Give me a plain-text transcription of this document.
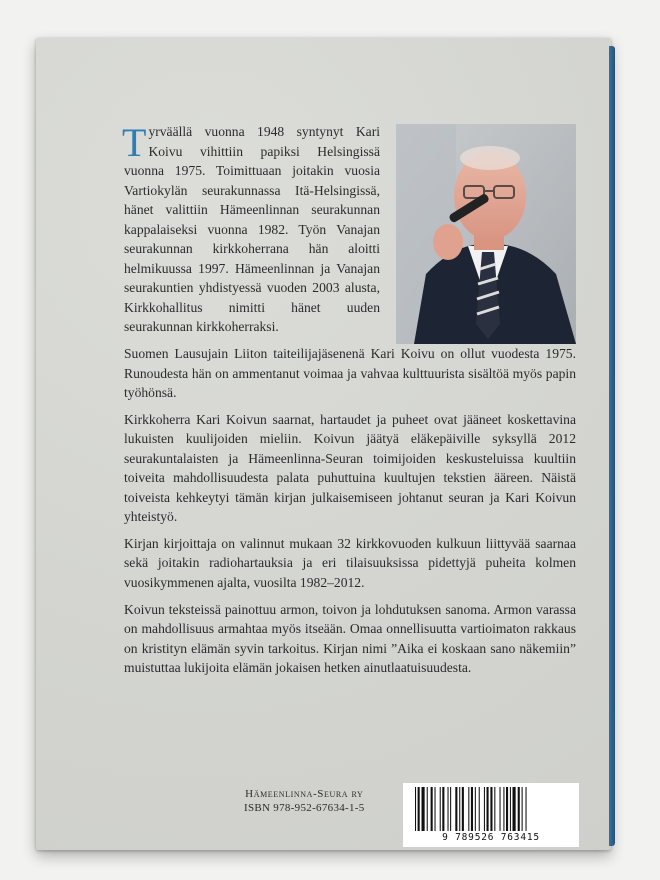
Tyrväällä vuonna 1948 syntynyt Kari Koivu vihittiin papiksi Helsingissä vuonna 1975. Toimittuaan joitakin vuosia Vartiokylän seurakunnassa Itä-Helsingissä, hänet valittiin Hämeenlinnan seurakunnan kappalaiseksi vuonna 1982. Työn Vanajan seurakunnan kirkkoherrana hän aloitti helmikuussa 1997. Hämeenlinnan ja Vanajan seurakuntien yhdistyessä vuoden 2003 alusta, Kirkkohallitus nimitti hänet uuden seurakunnan kirkkoherraksi.

Suomen Lausujain Liiton taiteilijajäsenenä Kari Koivu on ollut vuodesta 1975. Runoudesta hän on ammentanut voimaa ja vahvaa kulttuurista sisältöä myös papin työhönsä.

Kirkkoherra Kari Koivun saarnat, hartaudet ja puheet ovat jääneet koskettavina lukuisten kuulijoiden mieliin. Koivun jäätyä eläkepäiville syksyllä 2012 seurakuntalaisten ja Hämeenlinna-Seuran toimijoiden keskusteluissa kuultiin toiveita mahdollisuudesta palata puhuttuina kuultujen tekstien ääreen. Näistä toiveista kehkeytyi tämän kirjan julkaisemiseen johtanut seuran ja Kari Koivun yhteistyö.

Kirjan kirjoittaja on valinnut mukaan 32 kirkkovuoden kulkuun liittyvää saarnaa sekä joitakin radiohartauksia ja eri tilaisuuksissa pidettyjä puheita kolmen vuosikymmenen ajalta, vuosilta 1982–2012.

Koivun teksteissä painottuu armon, toivon ja lohdutuksen sanoma. Armon varassa on mahdollisuus armahtaa myös itseään. Omaa onnellisuutta vartioimaton rakkaus on kristityn elämän syvin tarkoitus. Kirjan nimi ”Aika ei koskaan sano näkemiin” muistuttaa lukijoita elämän jokaisen hetken ainutlaatuisuudesta.

Hämeenlinna-Seura ry
ISBN 978-952-67634-1-5
9 789526 763415
